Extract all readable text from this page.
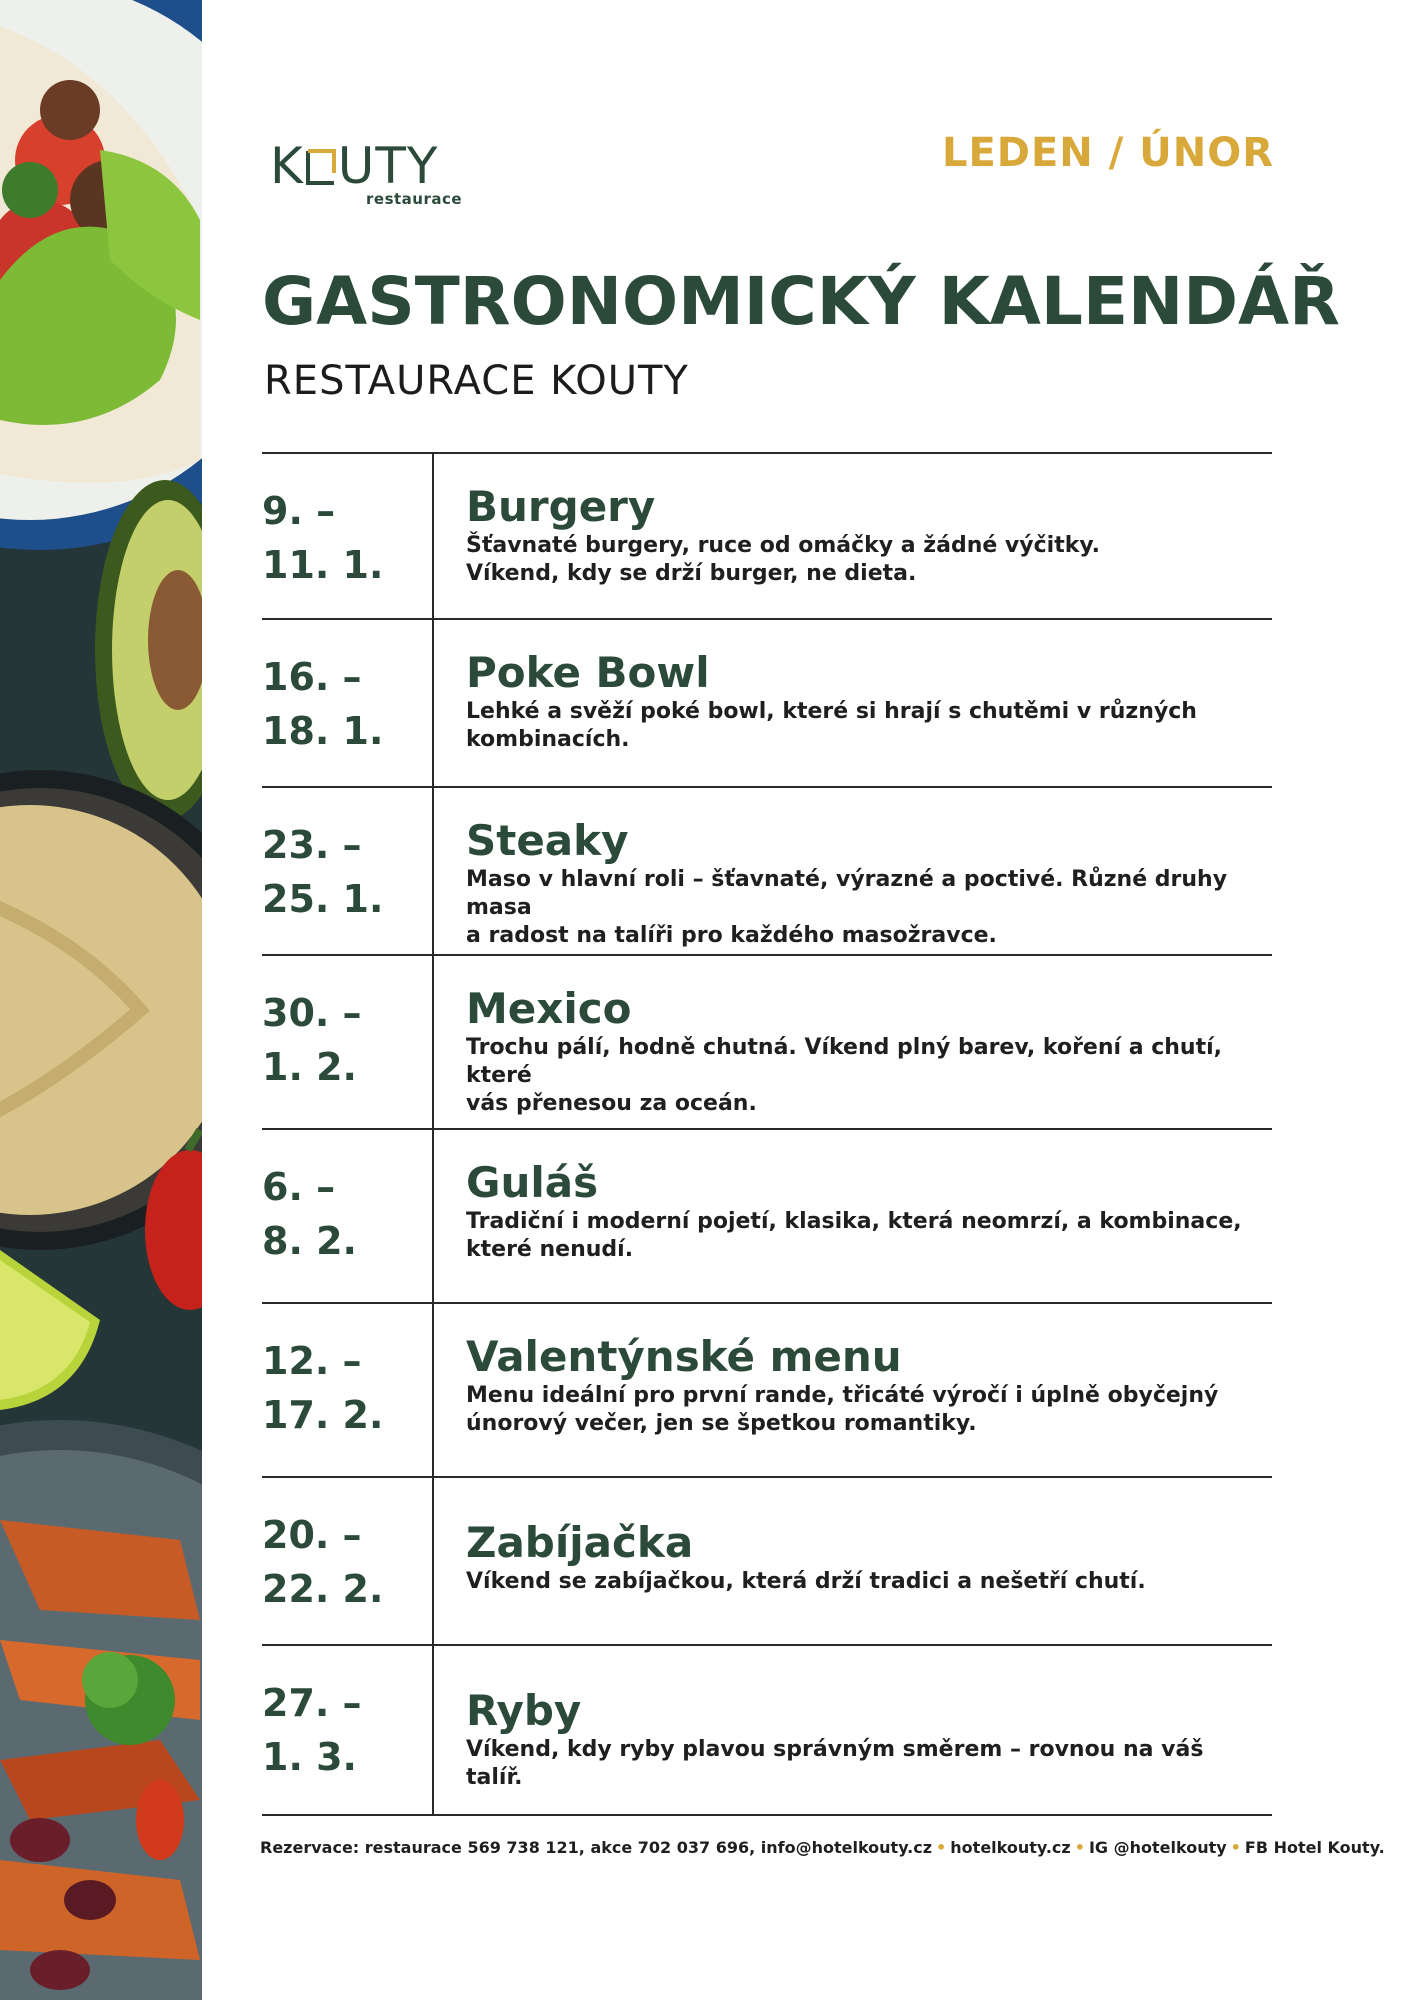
K UTY
restaurace
LEDEN / ÚNOR
GASTRONOMICKÝ KALENDÁŘ
RESTAURACE KOUTY
9. –
11. 1.
Burgery
Šťavnaté burgery, ruce od omáčky a žádné výčitky.
Víkend, kdy se drží burger, ne dieta.
16. –
18. 1.
Poke Bowl
Lehké a svěží poké bowl, které si hrají s chutěmi v různých
kombinacích.
23. –
25. 1.
Steaky
Maso v hlavní roli – šťavnaté, výrazné a poctivé. Různé druhy masa
a radost na talíři pro každého masožravce.
30. –
1. 2.
Mexico
Trochu pálí, hodně chutná. Víkend plný barev, koření a chutí, které
vás přenesou za oceán.
6. –
8. 2.
Guláš
Tradiční i moderní pojetí, klasika, která neomrzí, a kombinace,
které nenudí.
12. –
17. 2.
Valentýnské menu
Menu ideální pro první rande, třicáté výročí i úplně obyčejný
únorový večer, jen se špetkou romantiky.
20. –
22. 2.
Zabíjačka
Víkend se zabíjačkou, která drží tradici a nešetří chutí.
27. –
1. 3.
Ryby
Víkend, kdy ryby plavou správným směrem – rovnou na váš talíř.
Rezervace: restaurace 569 738 121, akce 702 037 696, info@hotelkouty.cz • hotelkouty.cz • IG @hotelkouty • FB Hotel Kouty.
